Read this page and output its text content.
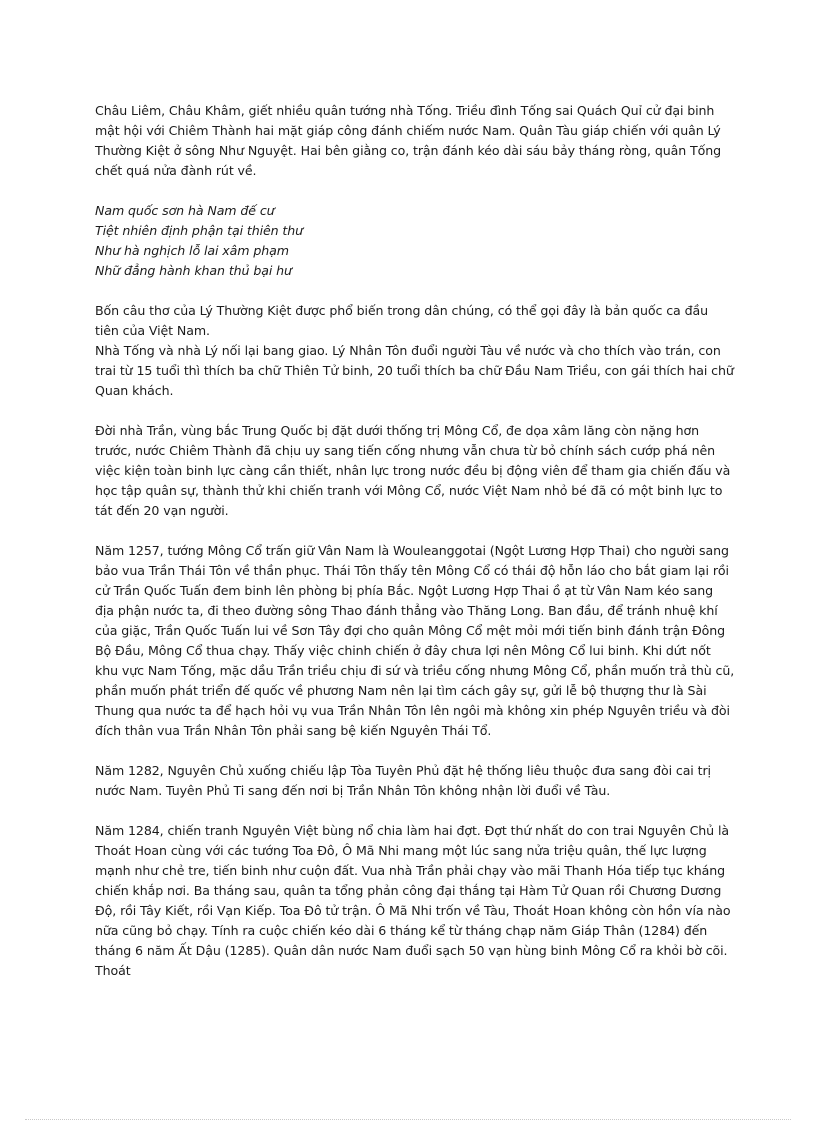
Châu Liêm, Châu Khâm, giết nhiều quân tướng nhà Tống. Triều đình Tống sai Quách Quỉ cử đại binh mật hội với Chiêm Thành hai mặt giáp công đánh chiếm nước Nam. Quân Tàu giáp chiến với quân Lý Thường Kiệt ở sông Như Nguyệt. Hai bên giằng co, trận đánh kéo dài sáu bảy tháng ròng, quân Tống chết quá nửa đành rút về.

Nam quốc sơn hà Nam đế cư
Tiệt nhiên định phận tại thiên thư
Như hà nghịch lỗ lai xâm phạm
Nhữ đẳng hành khan thủ bại hư

Bốn câu thơ của Lý Thường Kiệt được phổ biến trong dân chúng, có thể gọi đây là bản quốc ca đầu tiên của Việt Nam.

Nhà Tống và nhà Lý nối lại bang giao. Lý Nhân Tôn đuổi người Tàu về nước và cho thích vào trán, con trai từ 15 tuổi thì thích ba chữ Thiên Tử binh, 20 tuổi thích ba chữ Đầu Nam Triều, con gái thích hai chữ Quan khách.

Đời nhà Trần, vùng bắc Trung Quốc bị đặt dưới thống trị Mông Cổ, đe dọa xâm lăng còn nặng hơn trước, nước Chiêm Thành đã chịu uy sang tiến cống nhưng vẫn chưa từ bỏ chính sách cướp phá nên việc kiện toàn binh lực càng cần thiết, nhân lực trong nước đều bị động viên để tham gia chiến đấu và học tập quân sự, thành thử khi chiến tranh với Mông Cổ, nước Việt Nam nhỏ bé đã có một binh lực to tát đến 20 vạn người.

Năm 1257, tướng Mông Cổ trấn giữ Vân Nam là Wouleanggotai (Ngột Lương Hợp Thai) cho người sang bảo vua Trần Thái Tôn về thần phục. Thái Tôn thấy tên Mông Cổ có thái độ hỗn láo cho bắt giam lại rồi cử Trần Quốc Tuấn đem binh lên phòng bị phía Bắc. Ngột Lương Hợp Thai ồ ạt từ Vân Nam kéo sang địa phận nước ta, đi theo đường sông Thao đánh thẳng vào Thăng Long. Ban đầu, để tránh nhuệ khí của giặc, Trần Quốc Tuấn lui về Sơn Tây đợi cho quân Mông Cổ mệt mỏi mới tiến binh đánh trận Đông Bộ Đầu, Mông Cổ thua chạy. Thấy việc chinh chiến ở đây chưa lợi nên Mông Cổ lui binh. Khi dứt nốt khu vực Nam Tống, mặc dầu Trần triều chịu đi sứ và triều cống nhưng Mông Cổ, phần muốn trả thù cũ, phần muốn phát triển đế quốc về phương Nam nên lại tìm cách gây sự, gửi lễ bộ thượng thư là Sài Thung qua nước ta để hạch hỏi vụ vua Trần Nhân Tôn lên ngôi mà không xin phép Nguyên triều và đòi đích thân vua Trần Nhân Tôn phải sang bệ kiến Nguyên Thái Tổ.

Năm 1282, Nguyên Chủ xuống chiếu lập Tòa Tuyên Phủ đặt hệ thống liêu thuộc đưa sang đòi cai trị nước Nam. Tuyên Phủ Ti sang đến nơi bị Trần Nhân Tôn không nhận lời đuổi về Tàu.

Năm 1284, chiến tranh Nguyên Việt bùng nổ chia làm hai đợt. Đợt thứ nhất do con trai Nguyên Chủ là Thoát Hoan cùng với các tướng Toa Đô, Ô Mã Nhi mang một lúc sang nửa triệu quân, thế lực lượng mạnh như chẻ tre, tiến binh như cuộn đất. Vua nhà Trần phải chạy vào mãi Thanh Hóa tiếp tục kháng chiến khắp nơi. Ba tháng sau, quân ta tổng phản công đại thắng tại Hàm Tử Quan rồi Chương Dương Độ, rồi Tây Kiết, rồi Vạn Kiếp. Toa Đô tử trận. Ô Mã Nhi trốn về Tàu, Thoát Hoan không còn hồn vía nào nữa cũng bỏ chạy. Tính ra cuộc chiến kéo dài 6 tháng kể từ tháng chạp năm Giáp Thân (1284) đến tháng 6 năm Ất Dậu (1285). Quân dân nước Nam đuổi sạch 50 vạn hùng binh Mông Cổ ra khỏi bờ cõi. Thoát
